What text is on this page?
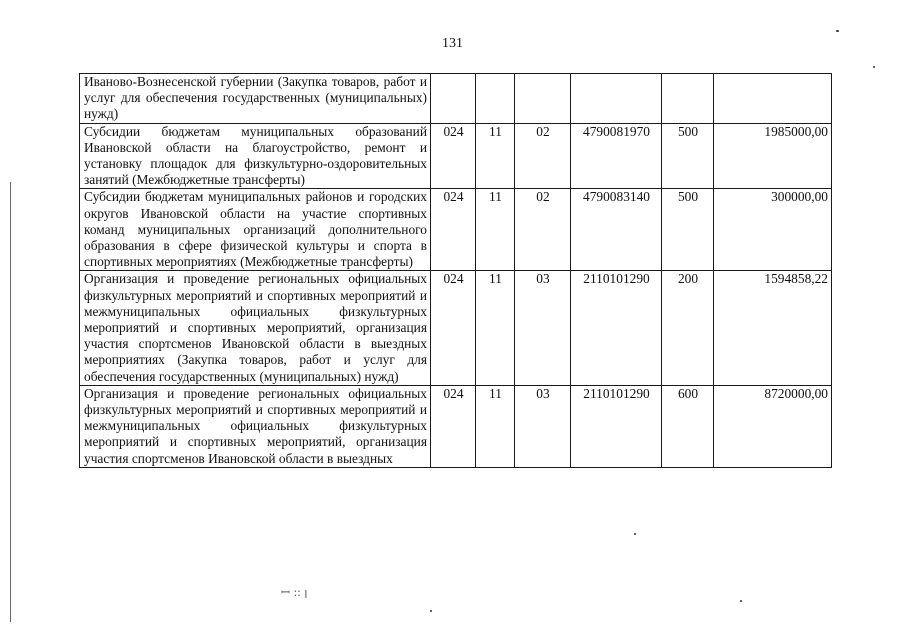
131
ꟷ ꞉꞉ ꞁ
Иваново-Вознесенской губернии (Закупка товаров, работ и услуг для обеспечения государственных (муниципальных) нужд)						
Субсидии бюджетам муниципальных образований Ивановской области на благоустройство, ремонт и установку площадок для физкультурно-оздоровительных занятий (Межбюджетные трансферты)	024	11	02	4790081970	500	1985000,00
Субсидии бюджетам муниципальных районов и городских округов Ивановской области на участие спортивных команд муниципальных организаций дополнительного образования в сфере физической культуры и спорта в спортивных мероприятиях (Межбюджетные трансферты)	024	11	02	4790083140	500	300000,00
Организация и проведение региональных официальных физкультурных мероприятий и спортивных мероприятий и межмуниципальных официальных физкультурных мероприятий и спортивных мероприятий, организация участия спортсменов Ивановской области в выездных мероприятиях (Закупка товаров, работ и услуг для обеспечения государственных (муниципальных) нужд)	024	11	03	2110101290	200	1594858,22
Организация и проведение региональных официальных физкультурных мероприятий и спортивных мероприятий и межмуниципальных официальных физкультурных мероприятий и спортивных мероприятий, организация участия спортсменов Ивановской области в выездных	024	11	03	2110101290	600	8720000,00
